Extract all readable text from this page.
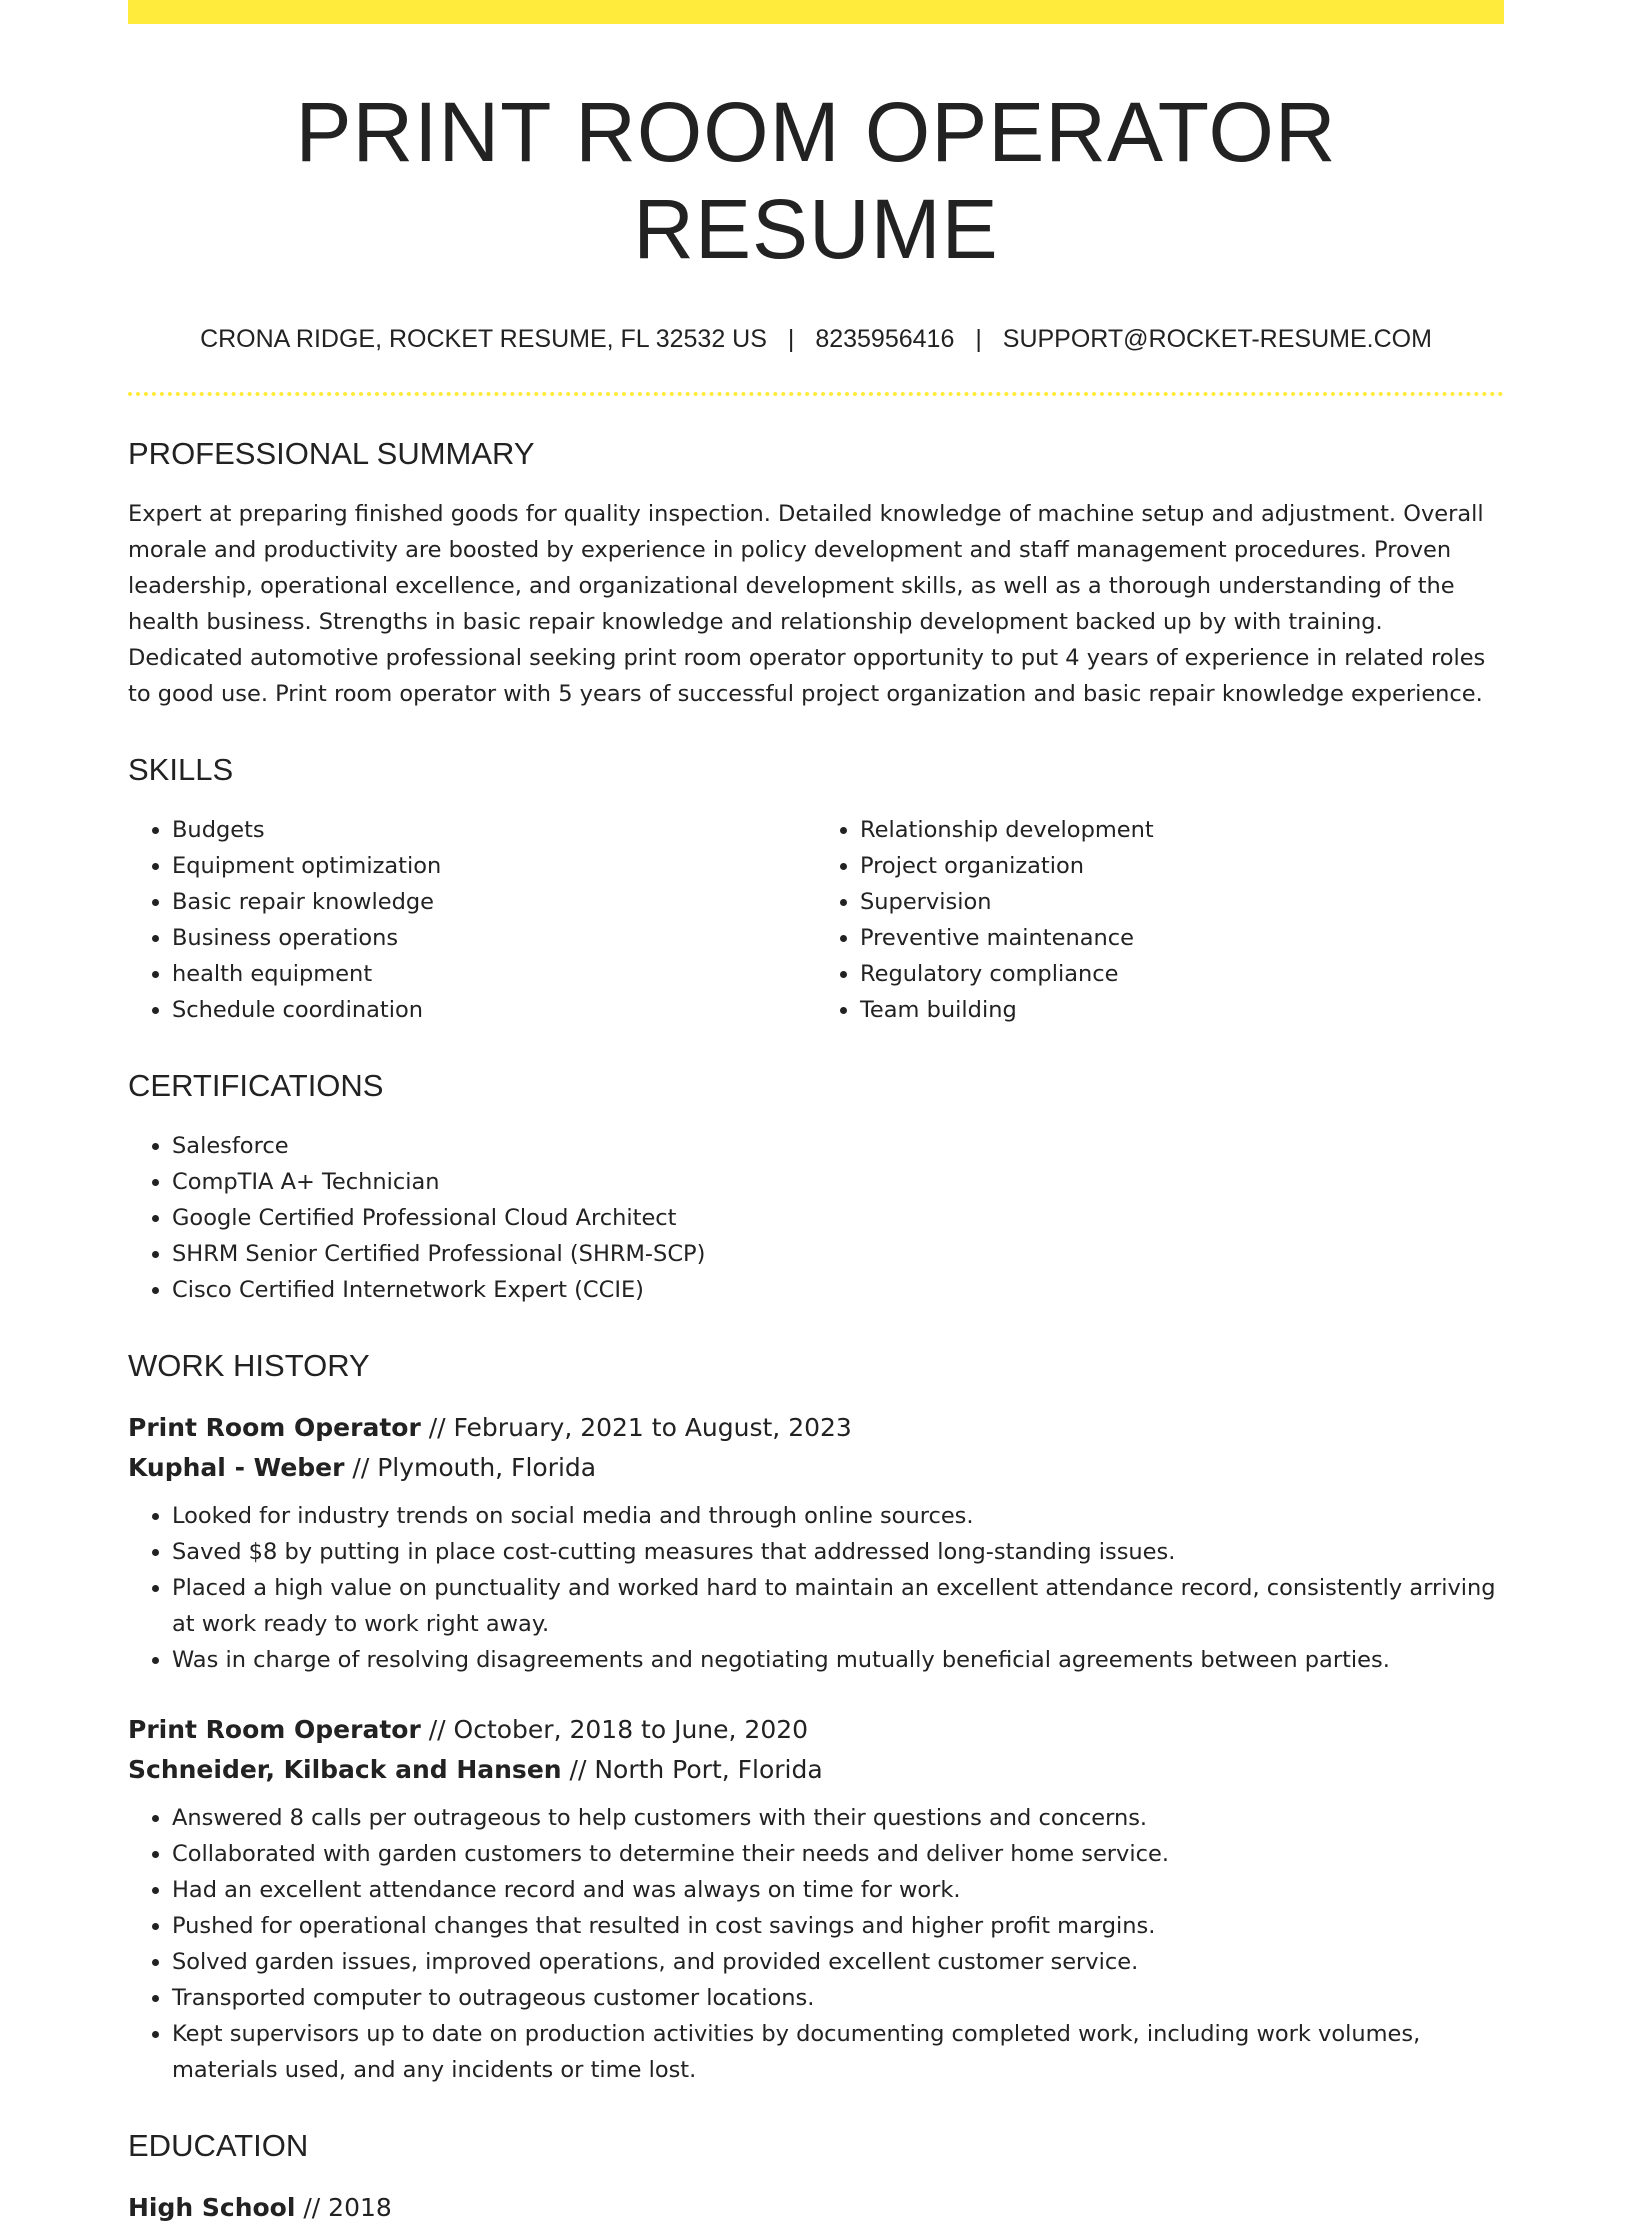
PRINT ROOM OPERATOR RESUME
CRONA RIDGE, ROCKET RESUME, FL 32532 US | 8235956416 | SUPPORT@ROCKET-RESUME.COM
PROFESSIONAL SUMMARY

Expert at preparing finished goods for quality inspection. Detailed knowledge of machine setup and adjustment. Overall morale and productivity are boosted by experience in policy development and staff management procedures. Proven leadership, operational excellence, and organizational development skills, as well as a thorough understanding of the health business. Strengths in basic repair knowledge and relationship development backed up by with training. Dedicated automotive professional seeking print room operator opportunity to put 4 years of experience in related roles to good use. Print room operator with 5 years of successful project organization and basic repair knowledge experience.

SKILLS
• Budgets
• Equipment optimization
• Basic repair knowledge
• Business operations
• health equipment
• Schedule coordination
• Relationship development
• Project organization
• Supervision
• Preventive maintenance
• Regulatory compliance
• Team building
CERTIFICATIONS
• Salesforce
• CompTIA A+ Technician
• Google Certified Professional Cloud Architect
• SHRM Senior Certified Professional (SHRM-SCP)
• Cisco Certified Internetwork Expert (CCIE)
WORK HISTORY
Print Room Operator // February, 2021 to August, 2023
Kuphal - Weber // Plymouth, Florida
• Looked for industry trends on social media and through online sources.
• Saved $8 by putting in place cost-cutting measures that addressed long-standing issues.
• Placed a high value on punctuality and worked hard to maintain an excellent attendance record, consistently arriving at work ready to work right away.
• Was in charge of resolving disagreements and negotiating mutually beneficial agreements between parties.
Print Room Operator // October, 2018 to June, 2020
Schneider, Kilback and Hansen // North Port, Florida
• Answered 8 calls per outrageous to help customers with their questions and concerns.
• Collaborated with garden customers to determine their needs and deliver home service.
• Had an excellent attendance record and was always on time for work.
• Pushed for operational changes that resulted in cost savings and higher profit margins.
• Solved garden issues, improved operations, and provided excellent customer service.
• Transported computer to outrageous customer locations.
• Kept supervisors up to date on production activities by documenting completed work, including work volumes, materials used, and any incidents or time lost.
EDUCATION
High School // 2018
